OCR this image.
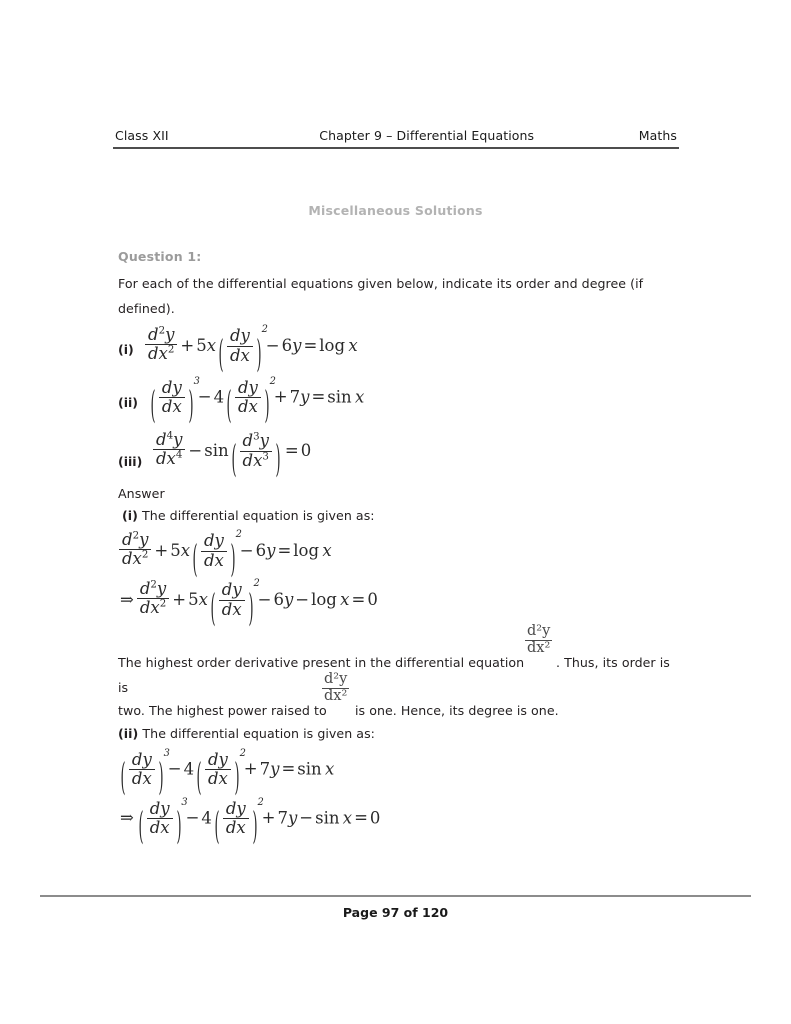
Class XII	Chapter 9 – Differential Equations	Maths
Miscellaneous Solutions
Question 1:
For each of the differential equations given below, indicate its order and degree (if defined).
$(i) \frac{d^2y}{dx^2} + 5x$ ( $\frac{dy}{dx}$ )
2
− 6y = log  x
(ii) ( $\frac{dy}{dx}$ )
3
− 4 ( $\frac{dy}{dx}$ )
2
+ 7y = sin  x
$(iii) \frac{d^4y}{dx^4} - \sin$ ( $\frac{d^3y}{dx^3}$ ) = 0
Answer
(i) The differential equation is given as:
$\frac{d^2y}{dx^2} + 5x$ ( $\frac{dy}{dx}$ )
2
− 6y = log  x
⇒ $\frac{d^2y}{dx^2} + 5x$ ( $\frac{dy}{dx}$ )
2
− 6y − log  x = 0
The highest order derivative present in the differential equation is
$\frac{\text{d²y}}{\text{dx²}}$
. Thus, its order is
two. The highest power raised to
$\frac{\text{d²y}}{\text{dx²}}$
is one. Hence, its degree is one.
(ii) The differential equation is given as:
( $\frac{dy}{dx}$ )
3
− 4 ( $\frac{dy}{dx}$ )
2
+ 7y = sin  x
⇒ ( $\frac{dy}{dx}$ )
3
− 4 ( $\frac{dy}{dx}$ )
2
+ 7y − sin  x = 0
Page 97 of 120
